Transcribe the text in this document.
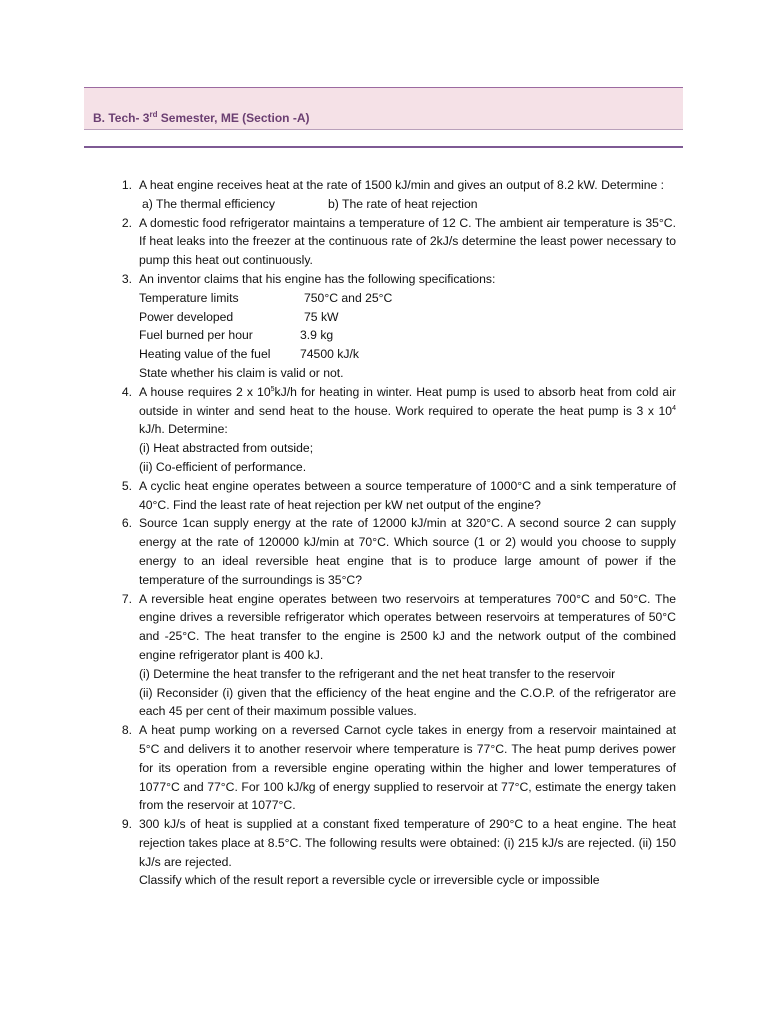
B. Tech- 3rd Semester, ME (Section -A)
1. A heat engine receives heat at the rate of 1500 kJ/min and gives an output of 8.2 kW. Determine :
a) The thermal efficiency	b) The rate of heat rejection
2. A domestic food refrigerator maintains a temperature of 12 C. The ambient air temperature is 35°C. If heat leaks into the freezer at the continuous rate of 2kJ/s determine the least power necessary to pump this heat out continuously.
3. An inventor claims that his engine has the following specifications:
Temperature limits	750°C and 25°C
Power developed	75 kW
Fuel burned per hour	3.9 kg
Heating value of the fuel	74500 kJ/k
State whether his claim is valid or not.
4. A house requires 2 x $10^5kJ/h$ for heating in winter. Heat pump is used to absorb heat from cold air outside in winter and send heat to the house. Work required to operate the heat pump is 3 x $10^4$ kJ/h. Determine:
(i) Heat abstracted from outside;
(ii) Co-efficient of performance.
5. A cyclic heat engine operates between a source temperature of 1000°C and a sink temperature of 40°C. Find the least rate of heat rejection per kW net output of the engine?
6. Source 1can supply energy at the rate of 12000 kJ/min at 320°C. A second source 2 can supply energy at the rate of 120000 kJ/min at 70°C. Which source (1 or 2) would you choose to supply energy to an ideal reversible heat engine that is to produce large amount of power if the temperature of the surroundings is 35°C?
7. A reversible heat engine operates between two reservoirs at temperatures 700°C and 50°C. The engine drives a reversible refrigerator which operates between reservoirs at temperatures of 50°C and -25°C. The heat transfer to the engine is 2500 kJ and the network output of the combined engine refrigerator plant is 400 kJ.
(i) Determine the heat transfer to the refrigerant and the net heat transfer to the reservoir
(ii) Reconsider (i) given that the efficiency of the heat engine and the C.O.P. of the refrigerator are each 45 per cent of their maximum possible values.
8. A heat pump working on a reversed Carnot cycle takes in energy from a reservoir maintained at 5°C and delivers it to another reservoir where temperature is 77°C. The heat pump derives power for its operation from a reversible engine operating within the higher and lower temperatures of 1077°C and 77°C. For 100 kJ/kg of energy supplied to reservoir at 77°C, estimate the energy taken from the reservoir at 1077°C.
9. 300 kJ/s of heat is supplied at a constant fixed temperature of 290°C to a heat engine. The heat rejection takes place at 8.5°C. The following results were obtained: (i) 215 kJ/s are rejected. (ii) 150 kJ/s are rejected.
Classify which of the result report a reversible cycle or irreversible cycle or impossible
